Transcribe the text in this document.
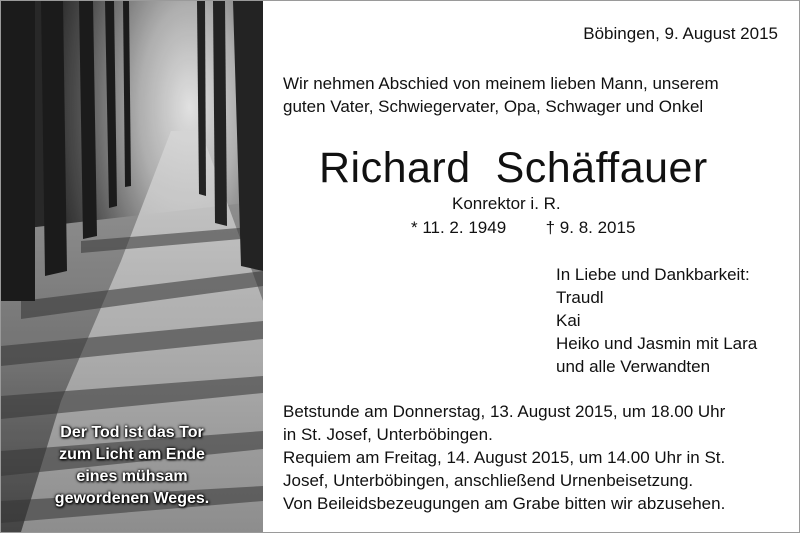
Der Tod ist das Tor
zum Licht am Ende
eines mühsam
gewordenen Weges.
Böbingen, 9. August 2015
Wir nehmen Abschied von meinem lieben Mann, unserem
guten Vater, Schwiegervater, Opa, Schwager und Onkel
Richard  Schäffauer
Konrektor i. R.
* 11. 2. 1949 † 9. 8. 2015
In Liebe und Dankbarkeit:
Traudl
Kai
Heiko und Jasmin mit Lara
und alle Verwandten
Betstunde am Donnerstag, 13. August 2015, um 18.00 Uhr
in St. Josef, Unterböbingen.
Requiem am Freitag, 14. August 2015, um 14.00 Uhr in St.
Josef, Unterböbingen, anschließend Urnenbeisetzung.
Von Beileidsbezeugungen am Grabe bitten wir abzusehen.
